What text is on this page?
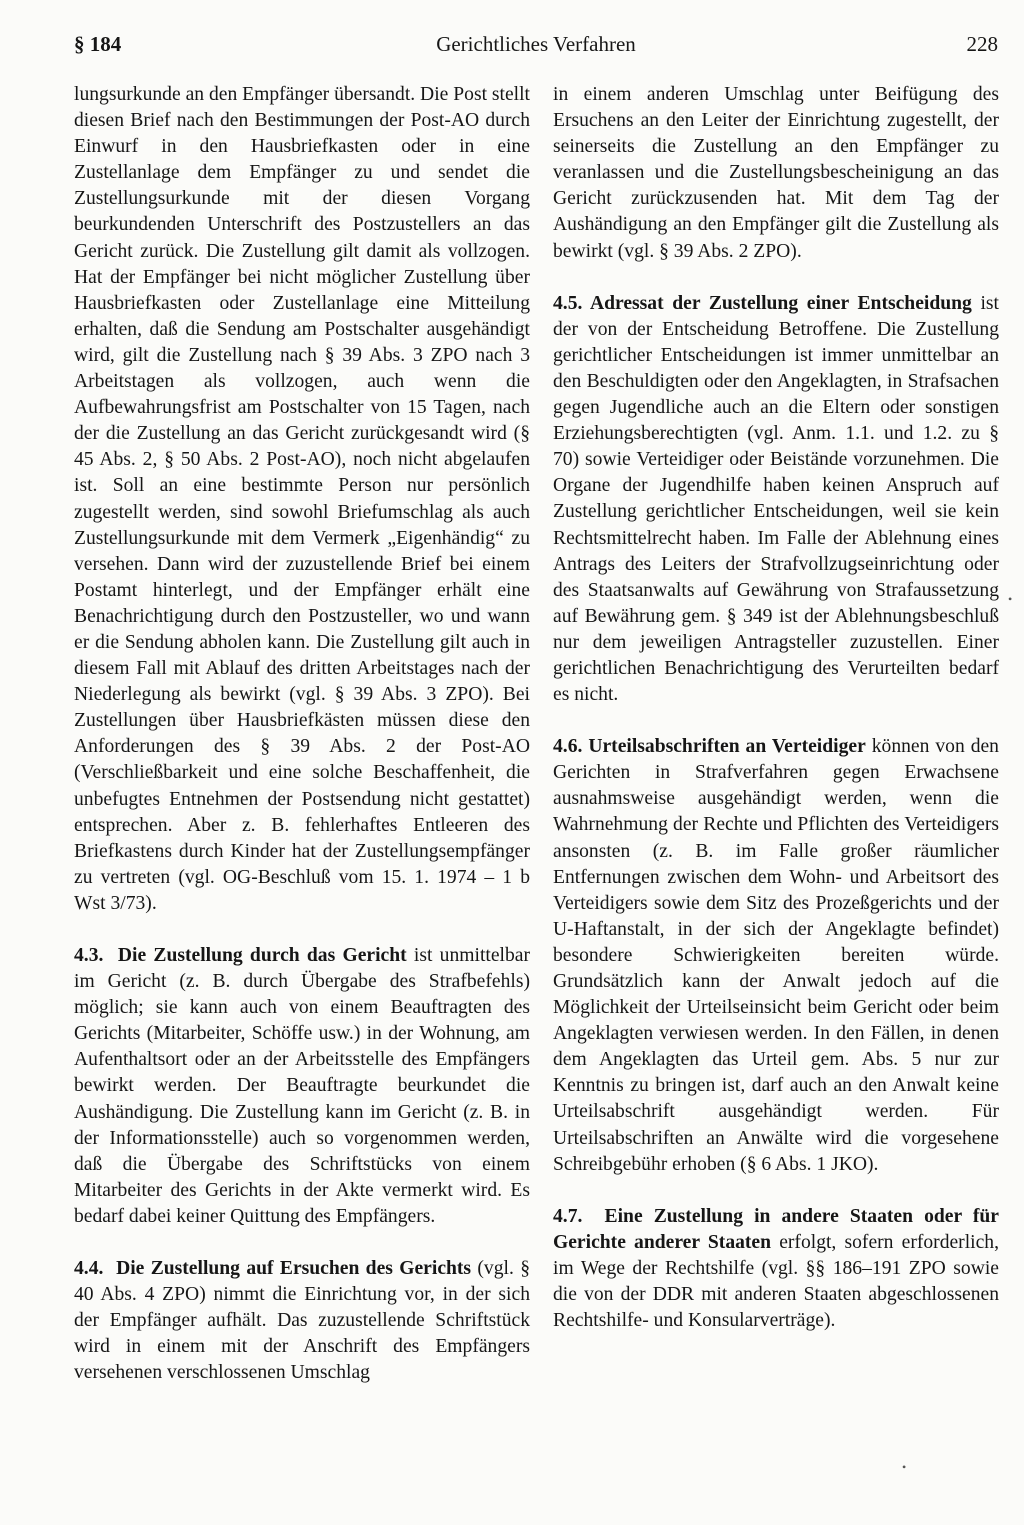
§ 184	Gerichtliches Verfahren	228

lungsurkunde an den Empfänger übersandt. Die Post stellt diesen Brief nach den Bestimmungen der Post-AO durch Einwurf in den Hausbriefkasten oder in eine Zustellanlage dem Empfänger zu und sendet die Zustellungsurkunde mit der diesen Vorgang beurkundenden Unterschrift des Postzustellers an das Gericht zurück. Die Zustellung gilt damit als vollzogen. Hat der Empfänger bei nicht möglicher Zustellung über Hausbriefkasten oder Zustellanlage eine Mitteilung erhalten, daß die Sendung am Postschalter ausgehändigt wird, gilt die Zustellung nach § 39 Abs. 3 ZPO nach 3 Arbeitstagen als vollzogen, auch wenn die Aufbewahrungsfrist am Postschalter von 15 Tagen, nach der die Zustellung an das Gericht zurückgesandt wird (§ 45 Abs. 2, § 50 Abs. 2 Post-AO), noch nicht abgelaufen ist. Soll an eine bestimmte Person nur persönlich zugestellt werden, sind sowohl Briefumschlag als auch Zustellungsurkunde mit dem Vermerk „Eigenhändig“ zu versehen. Dann wird der zuzustellende Brief bei einem Postamt hinterlegt, und der Empfänger erhält eine Benachrichtigung durch den Postzusteller, wo und wann er die Sendung abholen kann. Die Zustellung gilt auch in diesem Fall mit Ablauf des dritten Arbeitstages nach der Niederlegung als bewirkt (vgl. § 39 Abs. 3 ZPO). Bei Zustellungen über Hausbriefkästen müssen diese den Anforderungen des § 39 Abs. 2 der Post-AO (Verschließbarkeit und eine solche Beschaffenheit, die unbefugtes Entnehmen der Postsendung nicht gestattet) entsprechen. Aber z. B. fehlerhaftes Entleeren des Briefkastens durch Kinder hat der Zustellungsempfänger zu vertreten (vgl. OG-Beschluß vom 15. 1. 1974 – 1 b Wst 3/73).

4.3. Die Zustellung durch das Gericht ist unmittelbar im Gericht (z. B. durch Übergabe des Strafbefehls) möglich; sie kann auch von einem Beauftragten des Gerichts (Mitarbeiter, Schöffe usw.) in der Wohnung, am Aufenthaltsort oder an der Arbeitsstelle des Empfängers bewirkt werden. Der Beauftragte beurkundet die Aushändigung. Die Zustellung kann im Gericht (z. B. in der Informationsstelle) auch so vorgenommen werden, daß die Übergabe des Schriftstücks von einem Mitarbeiter des Gerichts in der Akte vermerkt wird. Es bedarf dabei keiner Quittung des Empfängers.

4.4. Die Zustellung auf Ersuchen des Gerichts (vgl. § 40 Abs. 4 ZPO) nimmt die Einrichtung vor, in der sich der Empfänger aufhält. Das zuzustellende Schriftstück wird in einem mit der Anschrift des Empfängers versehenen verschlossenen Umschlag

in einem anderen Umschlag unter Beifügung des Ersuchens an den Leiter der Einrichtung zugestellt, der seinerseits die Zustellung an den Empfänger zu veranlassen und die Zustellungsbescheinigung an das Gericht zurückzusenden hat. Mit dem Tag der Aushändigung an den Empfänger gilt die Zustellung als bewirkt (vgl. § 39 Abs. 2 ZPO).

4.5. Adressat der Zustellung einer Entscheidung ist der von der Entscheidung Betroffene. Die Zustellung gerichtlicher Entscheidungen ist immer unmittelbar an den Beschuldigten oder den Angeklagten, in Strafsachen gegen Jugendliche auch an die Eltern oder sonstigen Erziehungsberechtigten (vgl. Anm. 1.1. und 1.2. zu § 70) sowie Verteidiger oder Beistände vorzunehmen. Die Organe der Jugendhilfe haben keinen Anspruch auf Zustellung gerichtlicher Entscheidungen, weil sie kein Rechtsmittelrecht haben. Im Falle der Ablehnung eines Antrags des Leiters der Strafvollzugseinrichtung oder des Staatsanwalts auf Gewährung von Strafaussetzung auf Bewährung gem. § 349 ist der Ablehnungsbeschluß nur dem jeweiligen Antragsteller zuzustellen. Einer gerichtlichen Benachrichtigung des Verurteilten bedarf es nicht.

4.6. Urteilsabschriften an Verteidiger können von den Gerichten in Strafverfahren gegen Erwachsene ausnahmsweise ausgehändigt werden, wenn die Wahrnehmung der Rechte und Pflichten des Verteidigers ansonsten (z. B. im Falle großer räumlicher Entfernungen zwischen dem Wohn- und Arbeitsort des Verteidigers sowie dem Sitz des Prozeßgerichts und der U-Haftanstalt, in der sich der Angeklagte befindet) besondere Schwierigkeiten bereiten würde. Grundsätzlich kann der Anwalt jedoch auf die Möglichkeit der Urteilseinsicht beim Gericht oder beim Angeklagten verwiesen werden. In den Fällen, in denen dem Angeklagten das Urteil gem. Abs. 5 nur zur Kenntnis zu bringen ist, darf auch an den Anwalt keine Urteilsabschrift ausgehändigt werden. Für Urteilsabschriften an Anwälte wird die vorgesehene Schreibgebühr erhoben (§ 6 Abs. 1 JKO).

4.7. Eine Zustellung in andere Staaten oder für Gerichte anderer Staaten erfolgt, sofern erforderlich, im Wege der Rechtshilfe (vgl. §§ 186–191 ZPO sowie die von der DDR mit anderen Staaten abgeschlossenen Rechtshilfe- und Konsularverträge).

•
•
